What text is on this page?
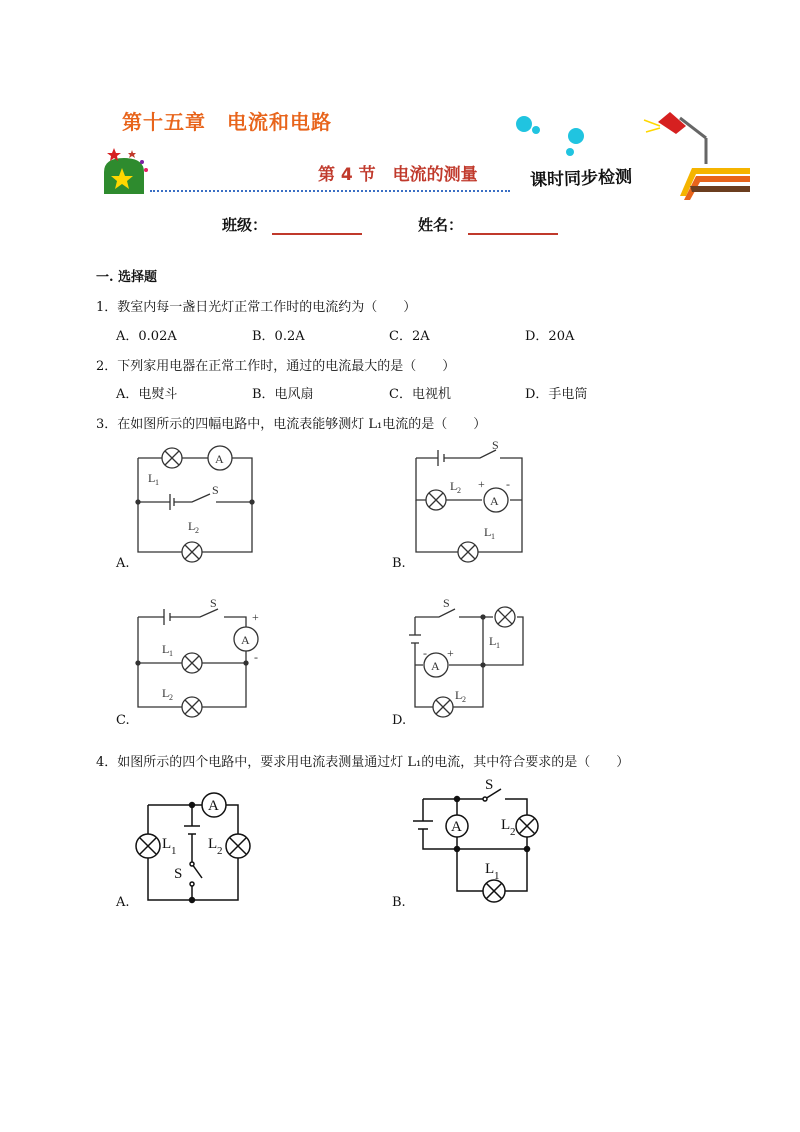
第十五章　电流和电路
第 4 节　电流的测量	课时同步检测
班级：	姓名：
一. 选择题
1．教室内每一盏日光灯正常工作时的电流约为（　　）
A．0.02A	B．0.2A	C．2A	D．20A
2．下列家用电器在正常工作时，通过的电流最大的是（　　）
A．电熨斗	B．电风扇	C．电视机	D．手电筒
3．在如图所示的四幅电路中，电流表能够测灯 L₁电流的是（　　）
A
L 1
S
L 2
A.
S
A
+ -
L 2
L 1
B.
S
A
+
-
L 1
L 2
C.
S
A
- +
L 1
L 2
D.
4．如图所示的四个电路中，要求用电流表测量通过灯 L₁的电流，其中符合要求的是（　　）
A
L 1 L 2
S
A.
S
A	L 2
L 1
B.
